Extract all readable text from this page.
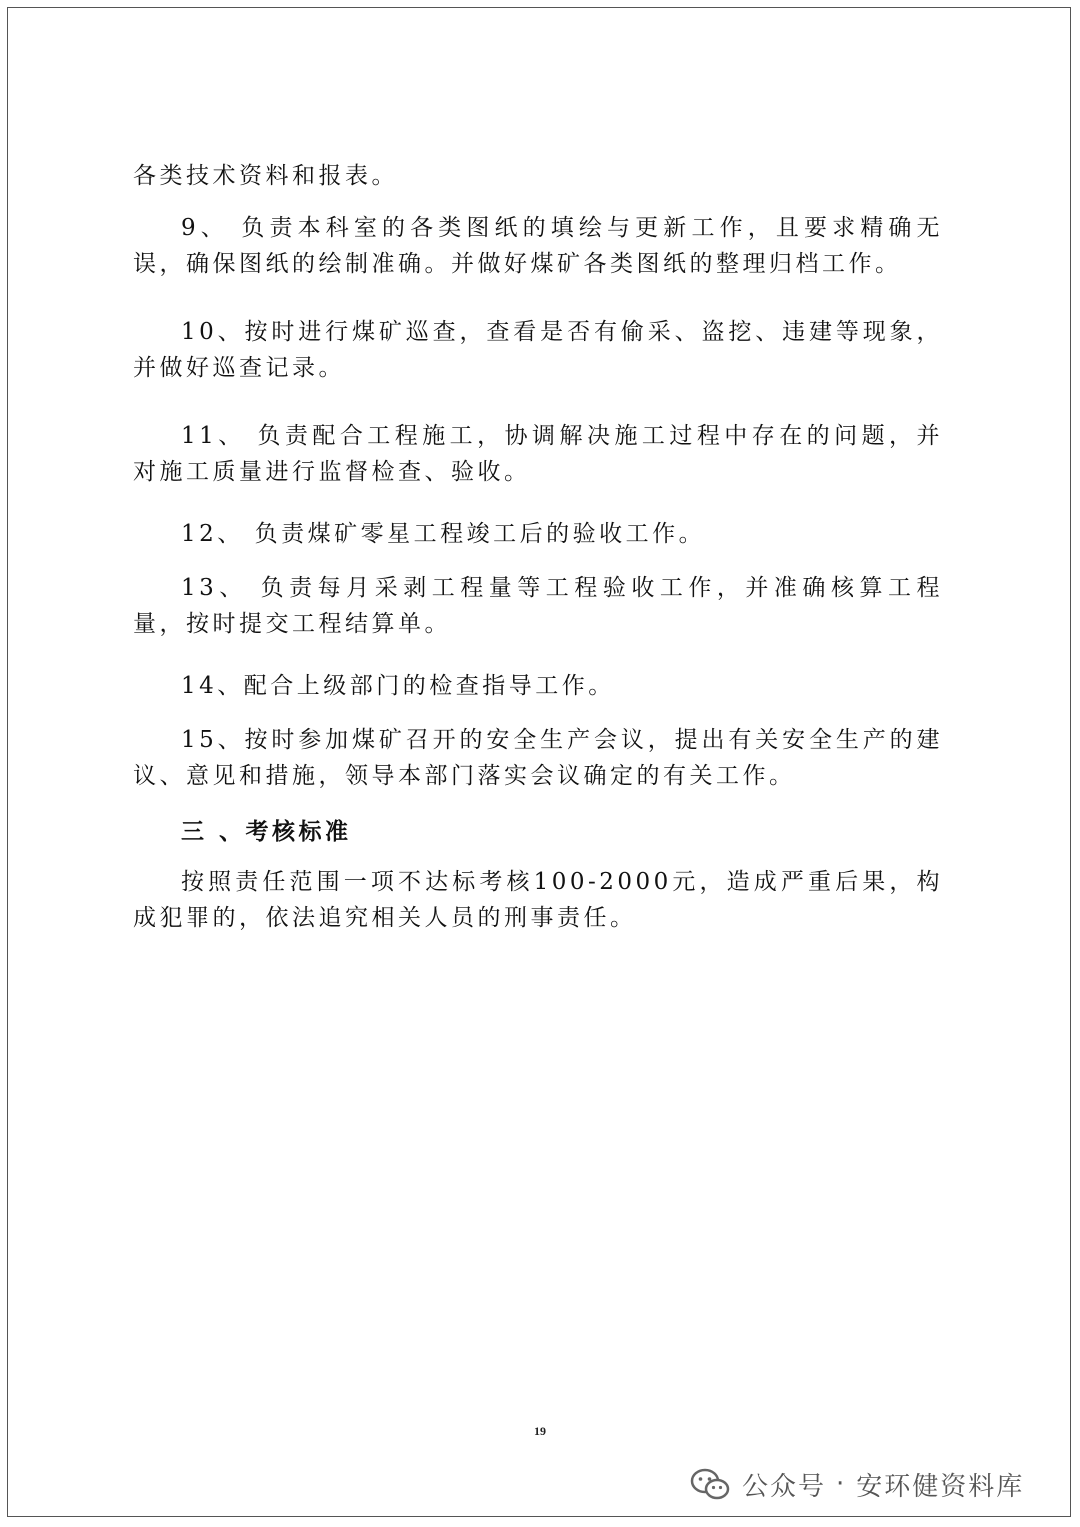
各类技术资料和报表。

9、 负责本科室的各类图纸的填绘与更新工作，且要求精确无误，确保图纸的绘制准确。并做好煤矿各类图纸的整理归档工作。

10、按时进行煤矿巡查，查看是否有偷采、盗挖、违建等现象，并做好巡查记录。

11、 负责配合工程施工，协调解决施工过程中存在的问题，并对施工质量进行监督检查、验收。

12、 负责煤矿零星工程竣工后的验收工作。

13、 负责每月采剥工程量等工程验收工作，并准确核算工程量，按时提交工程结算单。

14、配合上级部门的检查指导工作。

15、按时参加煤矿召开的安全生产会议，提出有关安全生产的建议、意见和措施，领导本部门落实会议确定的有关工作。

三 、考核标准

按照责任范围一项不达标考核100-2000元，造成严重后果，构成犯罪的，依法追究相关人员的刑事责任。

19
公众号 · 安环健资料库
